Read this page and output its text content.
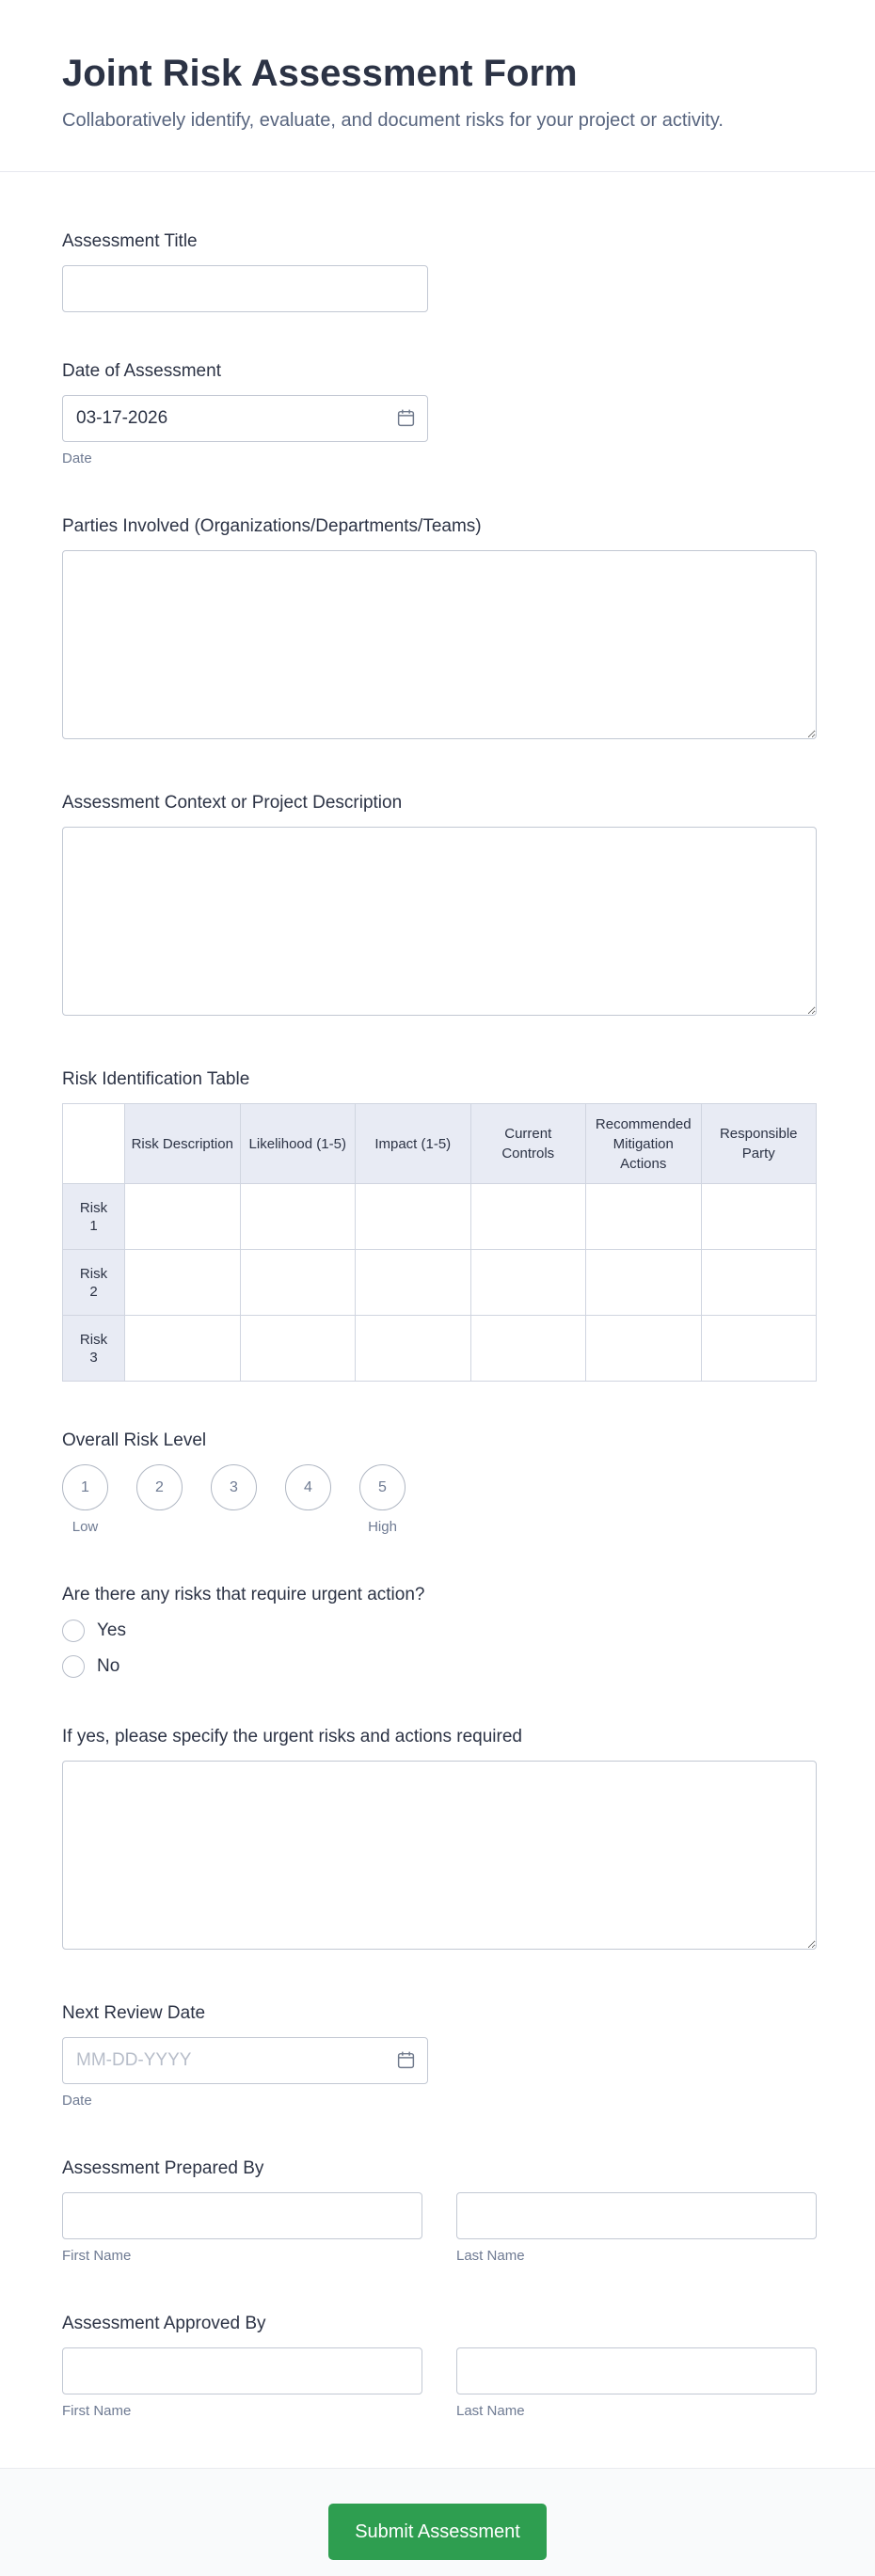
Joint Risk Assessment Form
Collaboratively identify, evaluate, and document risks for your project or activity.
Assessment Title
Date of Assessment
03-17-2026
Date
Parties Involved (Organizations/Departments/Teams)
Assessment Context or Project Description
Risk Identification Table
	Risk Description	Likelihood (1-5)	Impact (1-5)	Current Controls	Recommended Mitigation Actions	Responsible Party
Risk 1						
Risk 2						
Risk 3						
Overall Risk Level
1
Low
2	3	4	5
High
Are there any risks that require urgent action?
Yes
No
If yes, please specify the urgent risks and actions required
Next Review Date
MM-DD-YYYY
Date
Assessment Prepared By
First Name	Last Name
Assessment Approved By
First Name	Last Name
Submit Assessment
